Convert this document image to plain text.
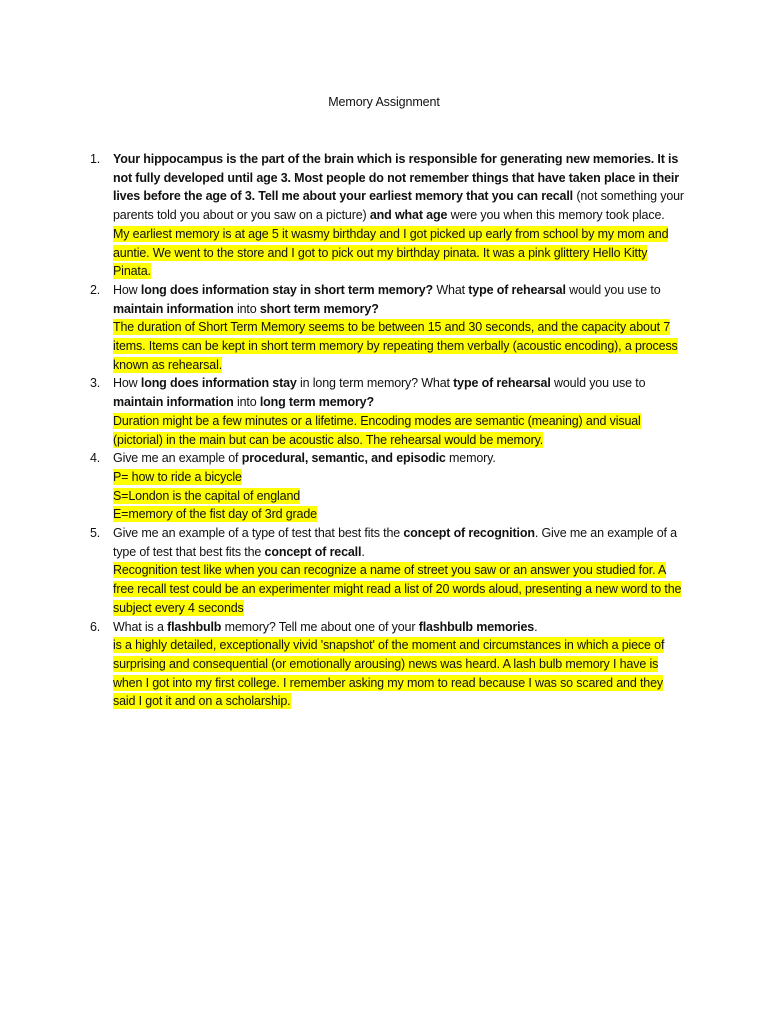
Memory Assignment
1. Your hippocampus is the part of the brain which is responsible for generating new memories. It is not fully developed until age 3. Most people do not remember things that have taken place in their lives before the age of 3. Tell me about your earliest memory that you can recall (not something your parents told you about or you saw on a picture) and what age were you when this memory took place.
My earliest memory is at age 5 it wasmy birthday and I got picked up early from school by my mom and auntie. We went to the store and I got to pick out my birthday pinata. It was a pink glittery Hello Kitty Pinata.
2. How long does information stay in short term memory? What type of rehearsal would you use to maintain information into short term memory?
The duration of Short Term Memory seems to be between 15 and 30 seconds, and the capacity about 7 items. Items can be kept in short term memory by repeating them verbally (acoustic encoding), a process known as rehearsal.
3. How long does information stay in long term memory? What type of rehearsal would you use to maintain information into long term memory?
Duration might be a few minutes or a lifetime. Encoding modes are semantic (meaning) and visual (pictorial) in the main but can be acoustic also. The rehearsal would be memory.
4. Give me an example of procedural, semantic, and episodic memory.
P= how to ride a bicycle
S=London is the capital of england
E=memory of the fist day of 3rd grade
5. Give me an example of a type of test that best fits the concept of recognition. Give me an example of a type of test that best fits the concept of recall.
Recognition test like when you can recognize a name of street you saw or an answer you studied for. A free recall test could be an experimenter might read a list of 20 words aloud, presenting a new word to the subject every 4 seconds
6. What is a flashbulb memory? Tell me about one of your flashbulb memories.
is a highly detailed, exceptionally vivid 'snapshot' of the moment and circumstances in which a piece of surprising and consequential (or emotionally arousing) news was heard. A lash bulb memory I have is when I got into my first college. I remember asking my mom to read because I was so scared and they said I got it and on a scholarship.
